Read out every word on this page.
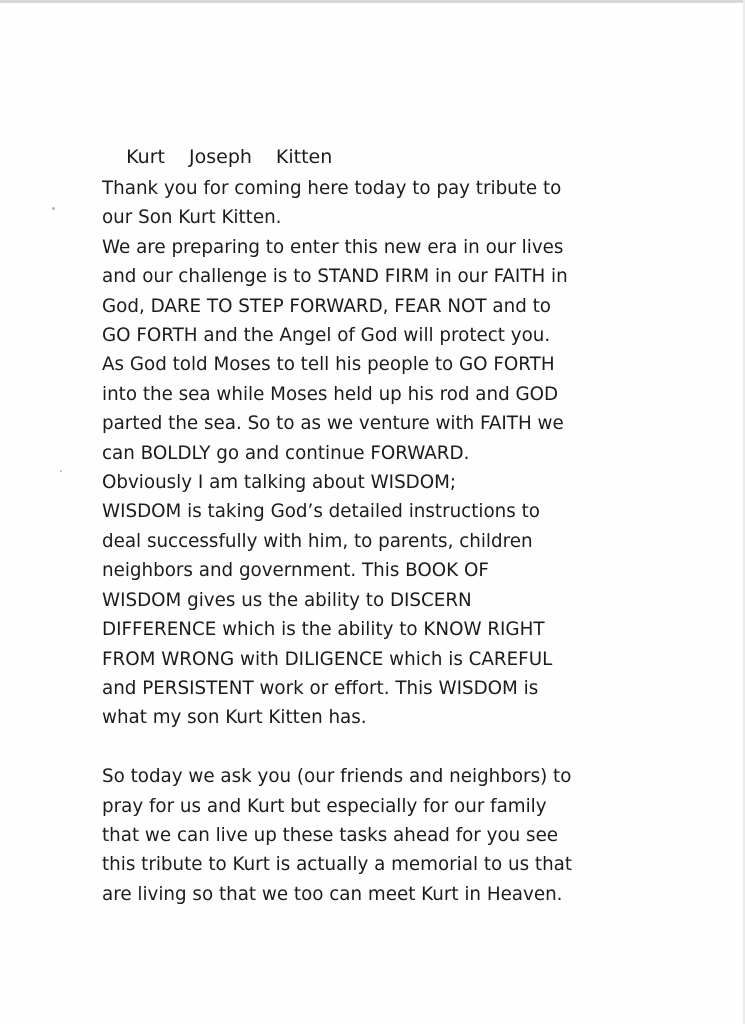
Kurt Joseph Kitten

Thank you for coming here today to pay tribute to
our Son Kurt Kitten.
We are preparing to enter this new era in our lives
and our challenge is to STAND FIRM in our FAITH in
God, DARE TO STEP FORWARD, FEAR NOT and to
GO FORTH and the Angel of God will protect you.
As God told Moses to tell his people to GO FORTH
into the sea while Moses held up his rod and GOD
parted the sea. So to as we venture with FAITH we
can BOLDLY go and continue FORWARD.
Obviously I am talking about WISDOM;
WISDOM is taking God’s detailed instructions to
deal successfully with him, to parents, children
neighbors and government. This BOOK OF
WISDOM gives us the ability to DISCERN
DIFFERENCE which is the ability to KNOW RIGHT
FROM WRONG with DILIGENCE which is CAREFUL
and PERSISTENT work or effort. This WISDOM is
what my son Kurt Kitten has.
So today we ask you (our friends and neighbors) to
pray for us and Kurt but especially for our family
that we can live up these tasks ahead for you see
this tribute to Kurt is actually a memorial to us that
are living so that we too can meet Kurt in Heaven.
